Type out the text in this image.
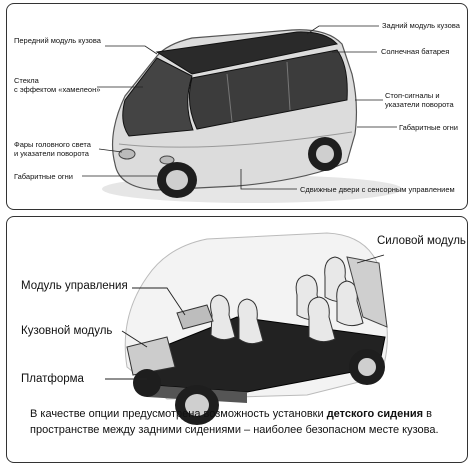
Передний модуль кузова
Стекла
с эффектом «хамелеон»
Фары головного света
и указатели поворота
Габаритные огни
Задний модуль кузова
Солнечная батарея
Стоп-сигналы и
указатели поворота
Габаритные огни
Сдвижные двери с сенсорным управлением
Силовой модуль
Модуль управления
Кузовной модуль
Платформа
В качестве опции предусмотрена возможность установки детского сидения в пространстве между задними сидениями – наиболее безопасном месте кузова.
